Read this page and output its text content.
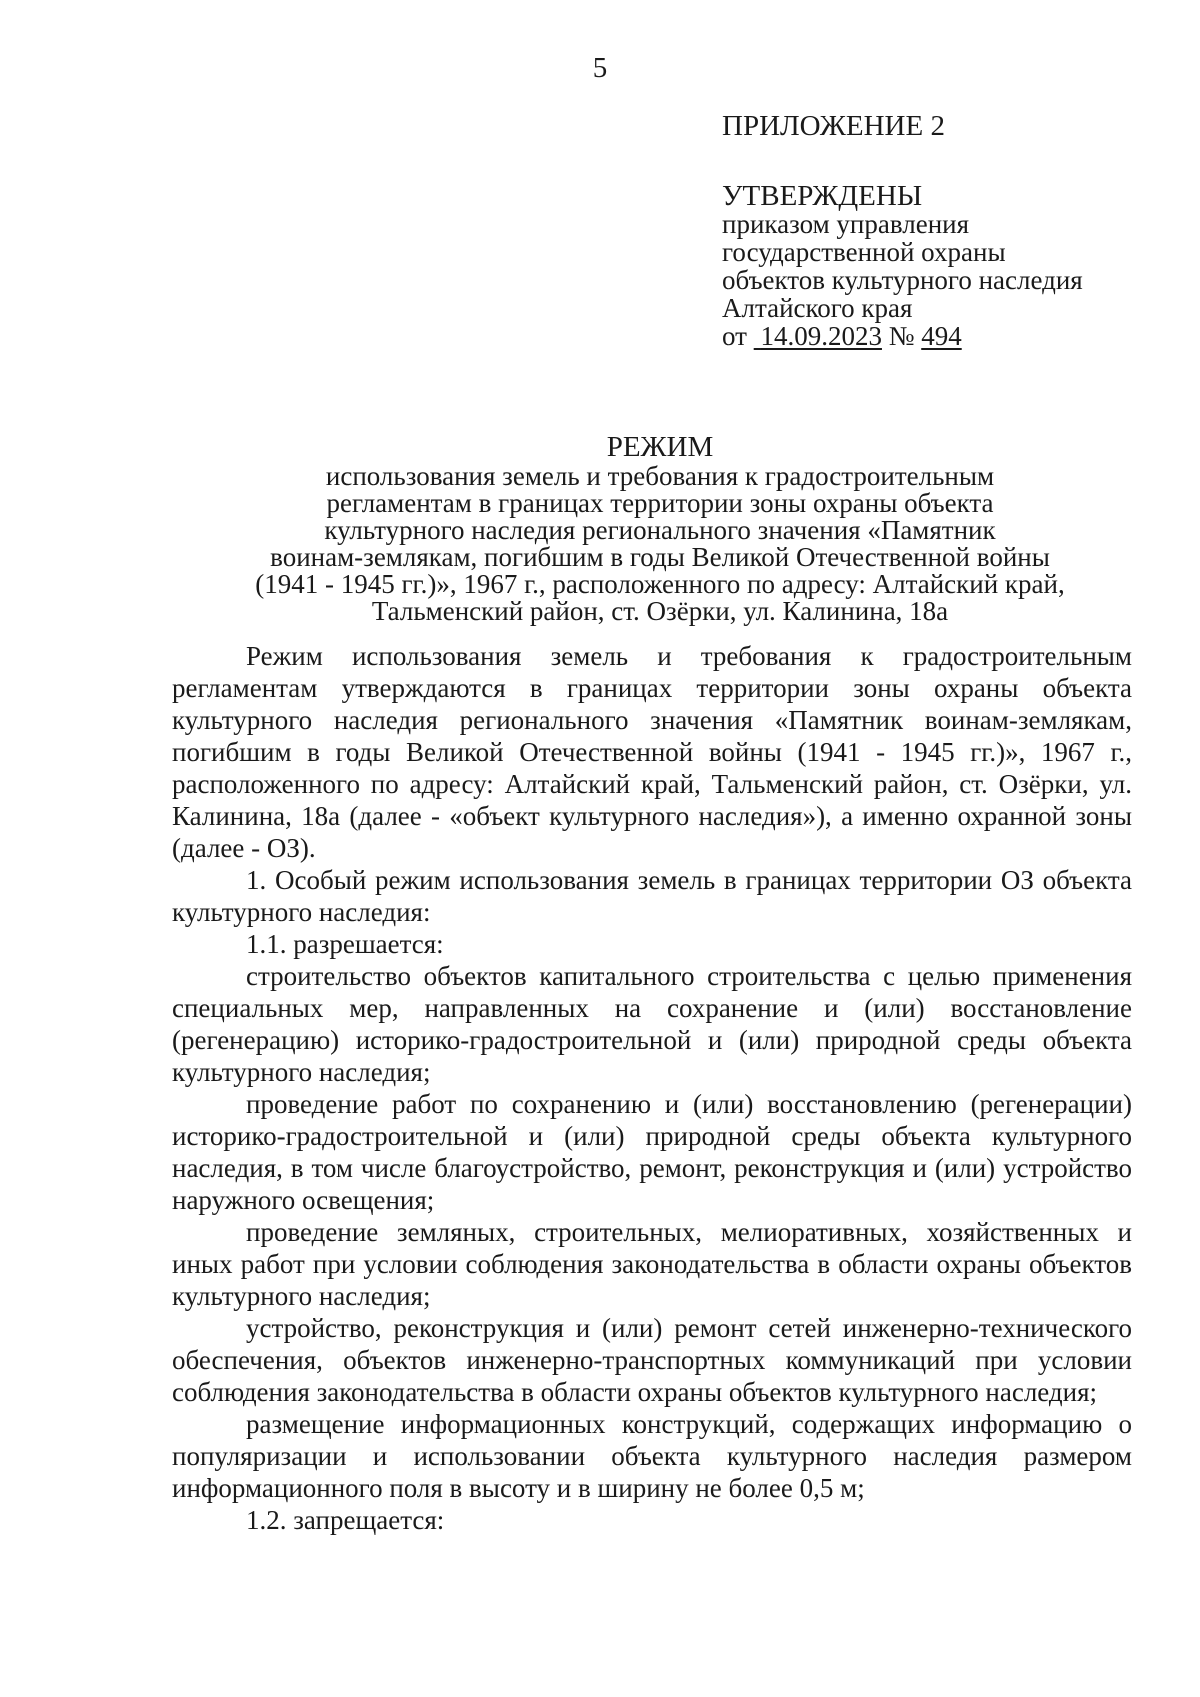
5
ПРИЛОЖЕНИЕ 2
УТВЕРЖДЕНЫ
приказом управления
государственной охраны
объектов культурного наследия
Алтайского края
от 14.09.2023 № 494
РЕЖИМ
использования земель и требования к градостроительным
регламентам в границах территории зоны охраны объекта
культурного наследия регионального значения «Памятник
воинам-землякам, погибшим в годы Великой Отечественной войны
(1941 - 1945 гг.)», 1967 г., расположенного по адресу: Алтайский край,
Тальменский район, ст. Озёрки, ул. Калинина, 18а

Режим использования земель и требования к градостроительным регламентам утверждаются в границах территории зоны охраны объекта культурного наследия регионального значения «Памятник воинам-землякам, погибшим в годы Великой Отечественной войны (1941 - 1945 гг.)», 1967 г., расположенного по адресу: Алтайский край, Тальменский район, ст. Озёрки, ул. Калинина, 18а (далее - «объект культурного наследия»), а именно охранной зоны (далее - ОЗ).

1. Особый режим использования земель в границах территории ОЗ объекта культурного наследия:

1.1. разрешается:

строительство объектов капитального строительства с целью применения специальных мер, направленных на сохранение и (или) восстановление (регенерацию) историко-градостроительной и (или) природной среды объекта культурного наследия;

проведение работ по сохранению и (или) восстановлению (регенерации) историко-градостроительной и (или) природной среды объекта культурного наследия, в том числе благоустройство, ремонт, реконструкция и (или) устройство наружного освещения;

проведение земляных, строительных, мелиоративных, хозяйственных и иных работ при условии соблюдения законодательства в области охраны объектов культурного наследия;

устройство, реконструкция и (или) ремонт сетей инженерно-технического обеспечения, объектов инженерно-транспортных коммуникаций при условии соблюдения законодательства в области охраны объектов культурного наследия;

размещение информационных конструкций, содержащих информацию о популяризации и использовании объекта культурного наследия размером информационного поля в высоту и в ширину не более 0,5 м;

1.2. запрещается:
